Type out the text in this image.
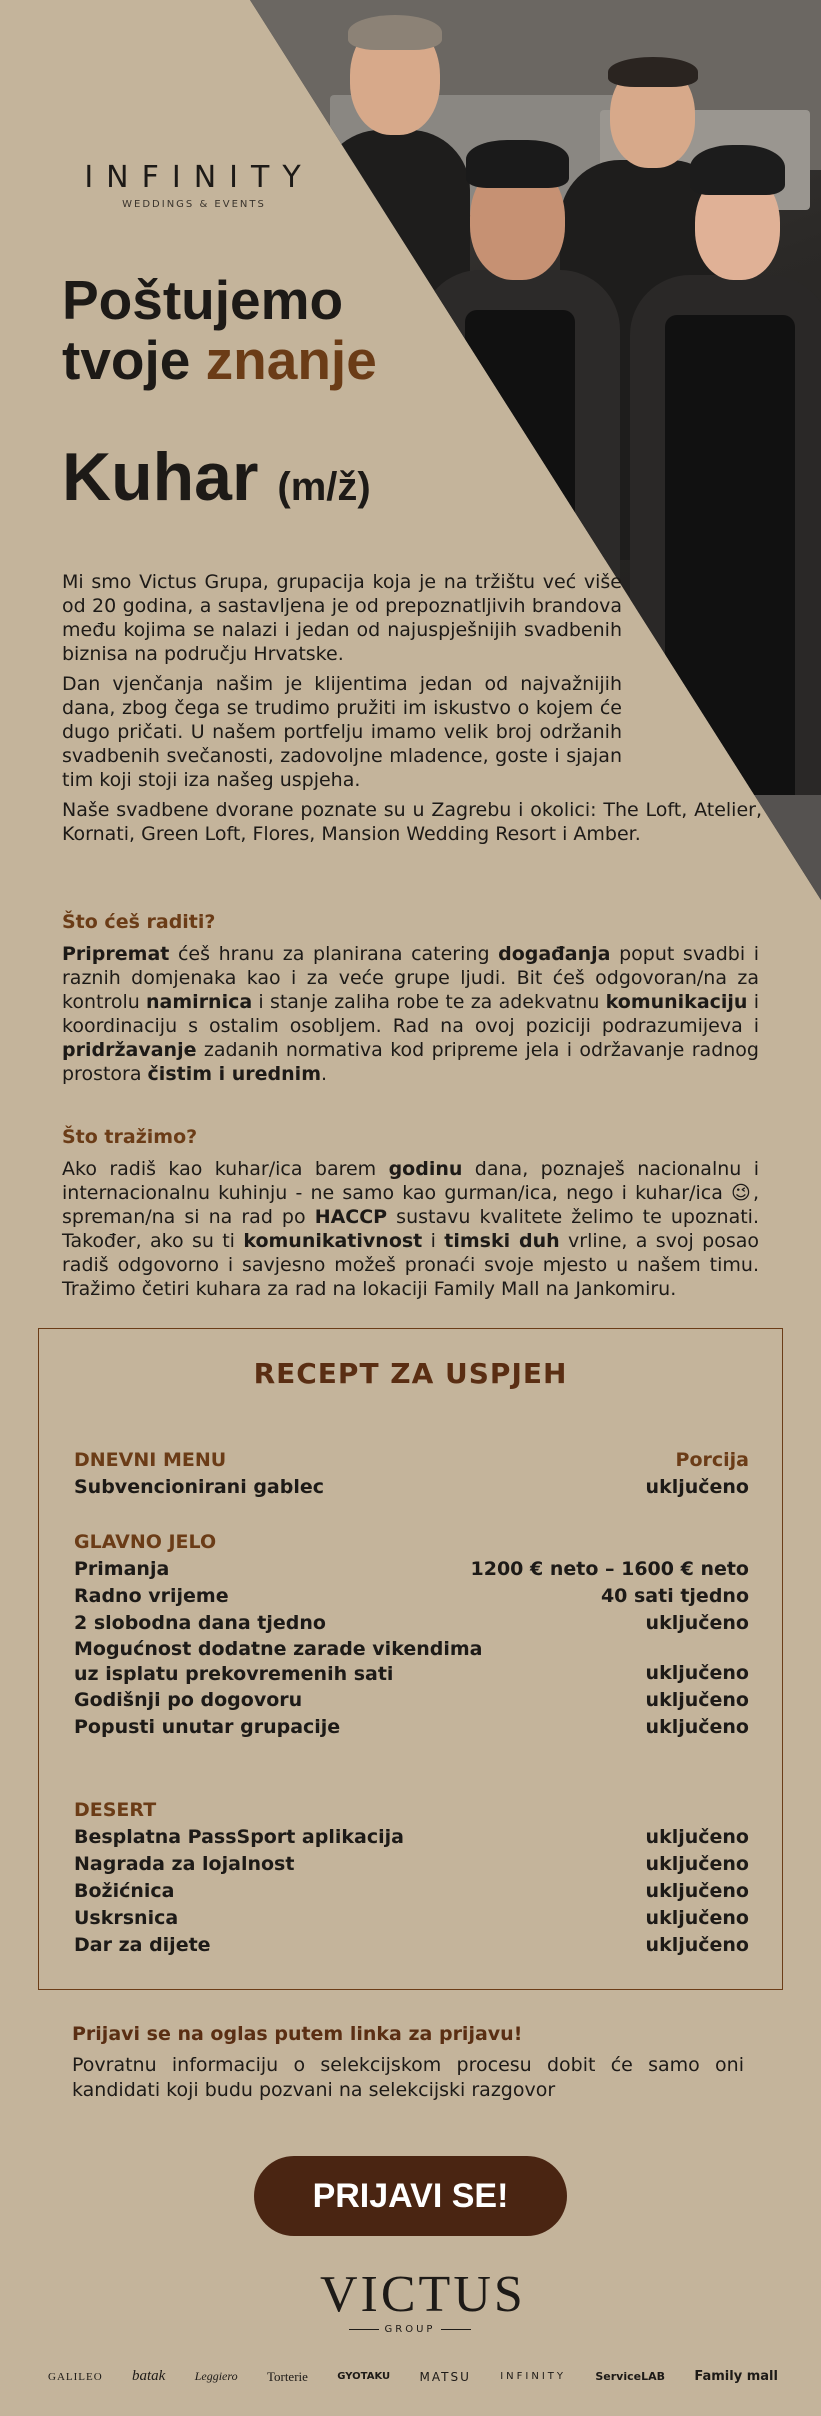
INFINITY
WEDDINGS & EVENTS
Poštujemo
tvoje znanje
Kuhar (m/ž)

Mi smo Victus Grupa, grupacija koja je na tržištu već više od 20 godina, a sastavljena je od prepoznatljivih brandova među kojima se nalazi i jedan od najuspješnijih svadbenih biznisa na području Hrvatske.

Dan vjenčanja našim je klijentima jedan od najvažnijih dana, zbog čega se trudimo pružiti im iskustvo o kojem će dugo pričati. U našem portfelju imamo velik broj održanih svadbenih svečanosti, zadovoljne mladence, goste i sjajan tim koji stoji iza našeg uspjeha.

Naše svadbene dvorane poznate su u Zagrebu i okolici: The Loft, Atelier, Kornati, Green Loft, Flores, Mansion Wedding Resort i Amber.

Što ćeš raditi?

Pripremat ćeš hranu za planirana catering događanja poput svadbi i raznih domjenaka kao i za veće grupe ljudi. Bit ćeš odgovoran/na za kontrolu namirnica i stanje zaliha robe te za adekvatnu komunikaciju i koordinaciju s ostalim osobljem. Rad na ovoj poziciji podrazumijeva i pridržavanje zadanih normativa kod pripreme jela i održavanje radnog prostora čistim i urednim.

Što tražimo?

Ako radiš kao kuhar/ica barem godinu dana, poznaješ nacionalnu i internacionalnu kuhinju - ne samo kao gurman/ica, nego i kuhar/ica 😉, spreman/na si na rad po HACCP sustavu kvalitete želimo te upoznati. Također, ako su ti komunikativnost i timski duh vrline, a svoj posao radiš odgovorno i savjesno možeš pronaći svoje mjesto u našem timu. Tražimo četiri kuhara za rad na lokaciji Family Mall na Jankomiru.

RECEPT ZA USPJEH
DNEVNI MENU	Porcija
Subvencionirani gablec	uključeno
GLAVNO JELO
Primanja	1200 € neto – 1600 € neto
Radno vrijeme	40 sati tjedno
2 slobodna dana tjedno	uključeno
Mogućnost dodatne zarade vikendima uz isplatu prekovremenih sati	uključeno
Godišnji po dogovoru	uključeno
Popusti unutar grupacije	uključeno
DESERT
Besplatna PassSport aplikacija	uključeno
Nagrada za lojalnost	uključeno
Božićnica	uključeno
Uskrsnica	uključeno
Dar za dijete	uključeno
Prijavi se na oglas putem linka za prijavu!

Povratnu informaciju o selekcijskom procesu dobit će samo oni kandidati koji budu pozvani na selekcijski razgovor

PRIJAVI SE!
VICTUS
GROUP
GALILEO batak Leggiero Torterie	GYOTAKU MATSU	INFINITY	ServiceLAB Family mall
